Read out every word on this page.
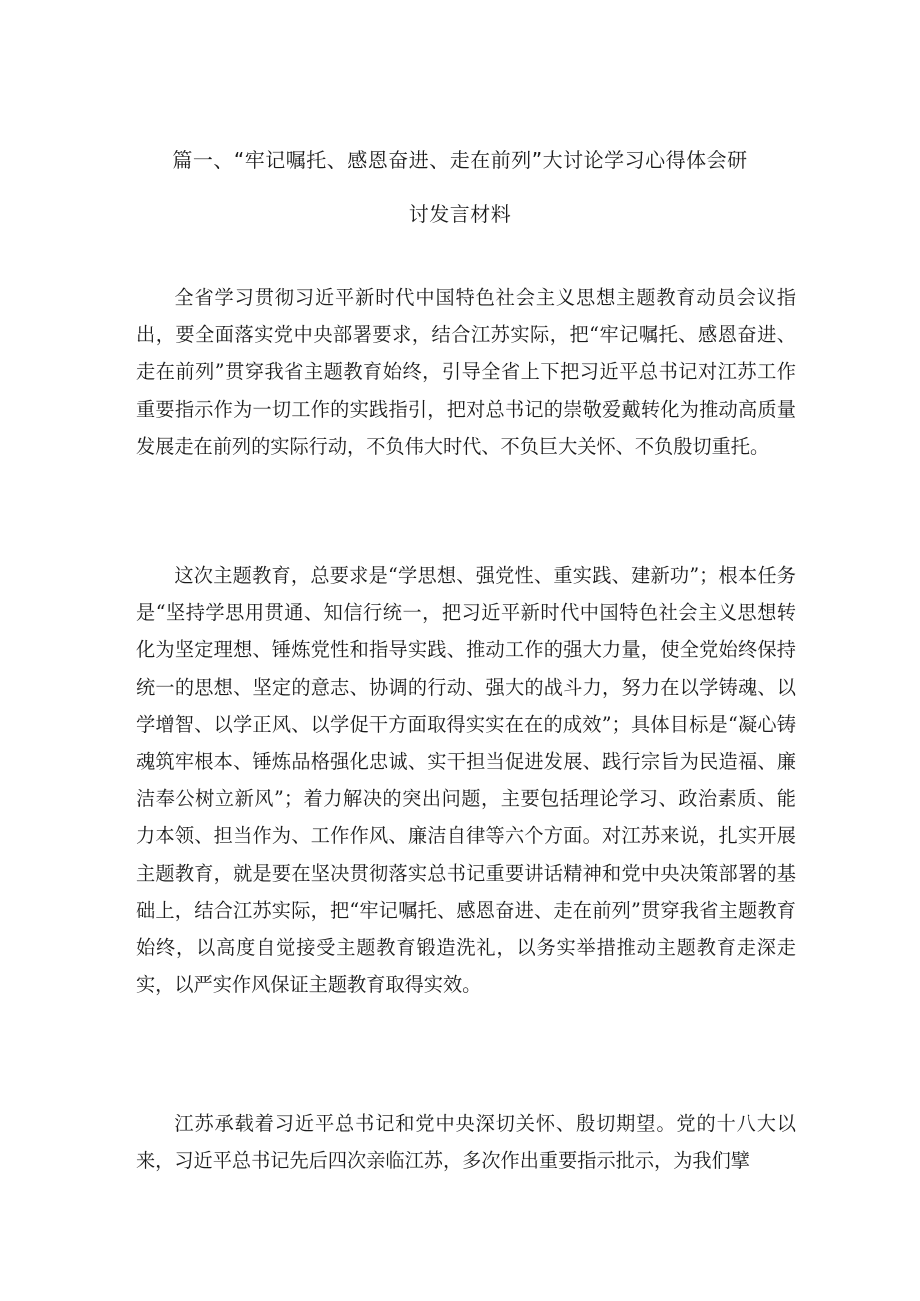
篇一、“牢记嘱托、感恩奋进、走在前列”大讨论学习心得体会研
讨发言材料

全省学习贯彻习近平新时代中国特色社会主义思想主题教育动员会议指出，要全面落实党中央部署要求，结合江苏实际，把“牢记嘱托、感恩奋进、走在前列”贯穿我省主题教育始终，引导全省上下把习近平总书记对江苏工作重要指示作为一切工作的实践指引，把对总书记的崇敬爱戴转化为推动高质量发展走在前列的实际行动，不负伟大时代、不负巨大关怀、不负殷切重托。

这次主题教育，总要求是“学思想、强党性、重实践、建新功”；根本任务是“坚持学思用贯通、知信行统一，把习近平新时代中国特色社会主义思想转化为坚定理想、锤炼党性和指导实践、推动工作的强大力量，使全党始终保持统一的思想、坚定的意志、协调的行动、强大的战斗力，努力在以学铸魂、以学增智、以学正风、以学促干方面取得实实在在的成效”；具体目标是“凝心铸魂筑牢根本、锤炼品格强化忠诚、实干担当促进发展、践行宗旨为民造福、廉洁奉公树立新风”；着力解决的突出问题，主要包括理论学习、政治素质、能力本领、担当作为、工作作风、廉洁自律等六个方面。对江苏来说，扎实开展主题教育，就是要在坚决贯彻落实总书记重要讲话精神和党中央决策部署的基础上，结合江苏实际，把“牢记嘱托、感恩奋进、走在前列”贯穿我省主题教育始终，以高度自觉接受主题教育锻造洗礼，以务实举措推动主题教育走深走实，以严实作风保证主题教育取得实效。

江苏承载着习近平总书记和党中央深切关怀、殷切期望。党的十八大以来，习近平总书记先后四次亲临江苏，多次作出重要指示批示，为我们擘
